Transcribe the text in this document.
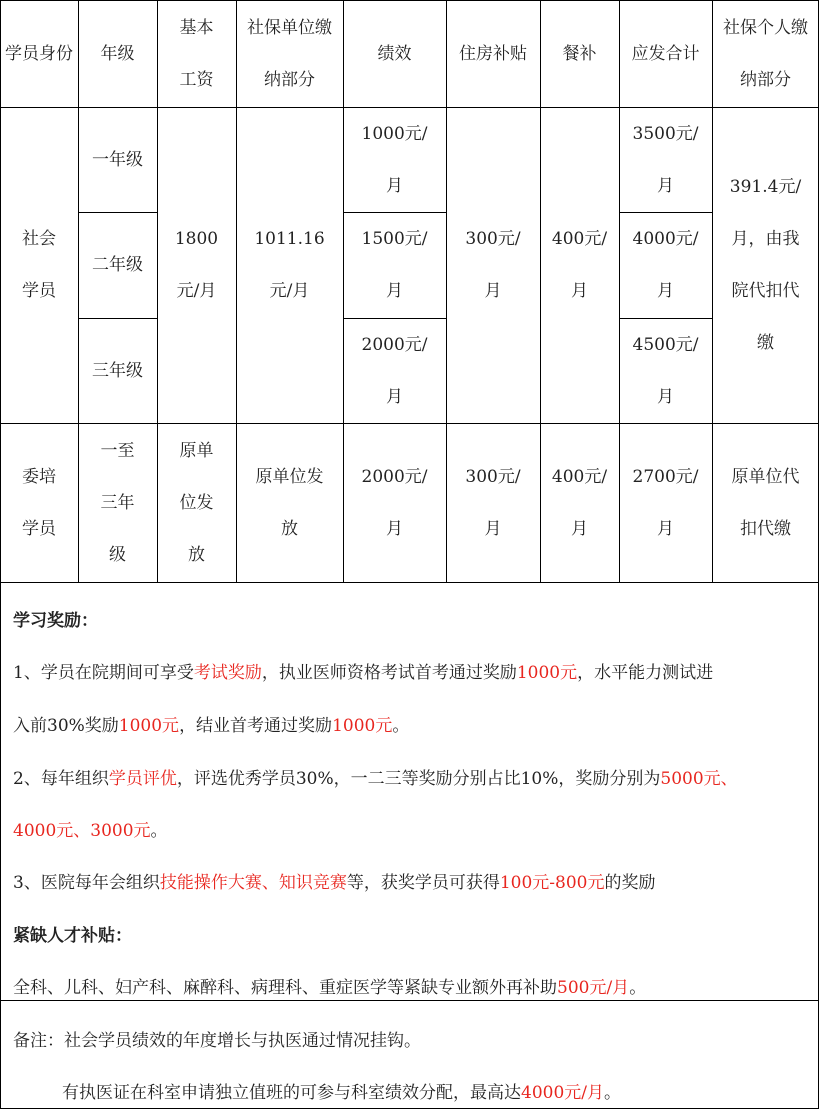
学员身份 年级
基本工资
社保单位缴纳部分
绩效	住房补贴 餐补 应发合计
社保个人缴纳部分
社会学员
一年级
二年级
三年级
1800元/月
1011.16元/月
1000元/月
1500元/月
2000元/月
300元/月
400元/月
3500元/月
4000元/月
4500元/月
391.4元/月，由我院代扣代缴
委培学员
一至三年级
原单位发放
原单位发放
2000元/月
300元/月
400元/月
2700元/月
原单位代扣代缴
学习奖励：
1、学员在院期间可享受考试奖励，执业医师资格考试首考通过奖励1000元，水平能力测试进
入前30%奖励1000元，结业首考通过奖励1000元。
2、每年组织学员评优，评选优秀学员30%，一二三等奖励分别占比10%，奖励分别为5000元、
4000元、3000元。
3、医院每年会组织技能操作大赛、知识竞赛等，获奖学员可获得100元-800元的奖励
紧缺人才补贴：
全科、儿科、妇产科、麻醉科、病理科、重症医学等紧缺专业额外再补助500元/月。
备注：社会学员绩效的年度增长与执医通过情况挂钩。
有执医证在科室申请独立值班的可参与科室绩效分配，最高达4000元/月。
